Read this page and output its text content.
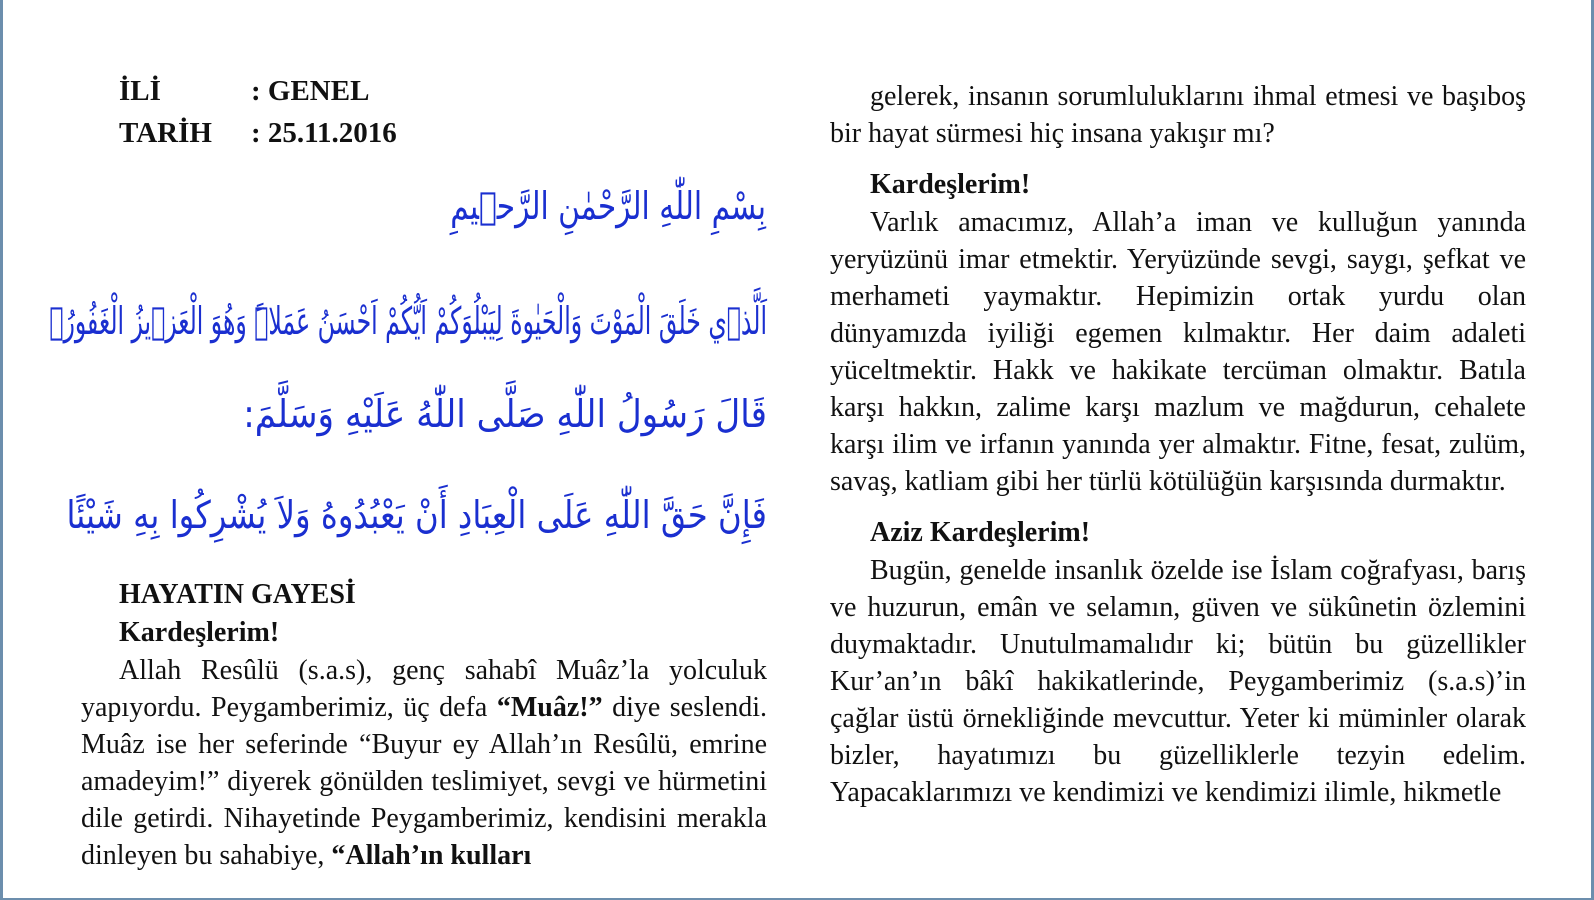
İLİ	: GENEL
TARİH	: 25.11.2016
بِسْمِ اللّٰهِ الرَّحْمٰنِ الرَّح۪يمِ
اَلَّذ۪ي خَلَقَ الْمَوْتَ وَالْحَيٰوةَ لِيَبْلُوَكُمْ اَيُّكُمْ اَحْسَنُ عَمَلاًۜ وَهُوَ الْعَز۪يزُ الْغَفُورُۙ
قَالَ رَسُولُ اللّٰهِ صَلَّى اللّٰهُ عَلَيْهِ وَسَلَّمَ:
فَإِنَّ حَقَّ اللّٰهِ عَلَى الْعِبَادِ أَنْ يَعْبُدُوهُ وَلاَ يُشْرِكُوا بِهِ شَيْئًا
HAYATIN GAYESİ
Kardeşlerim!

Allah Resûlü (s.a.s), genç sahabî Muâz’la yolculuk yapıyordu. Peygamberimiz, üç defa “Muâz!” diye seslendi. Muâz ise her seferinde “Buyur ey Allah’ın Resûlü, emrine amadeyim!” diyerek gönülden teslimiyet, sevgi ve hürmetini dile getirdi. Nihayetinde Peygamberimiz, kendisini merakla dinleyen bu sahabiye, “Allah’ın kulları

gelerek, insanın sorumluluklarını ihmal etmesi ve başıboş bir hayat sürmesi hiç insana yakışır mı?

Kardeşlerim!

Varlık amacımız, Allah’a iman ve kulluğun yanında yeryüzünü imar etmektir. Yeryüzünde sevgi, saygı, şefkat ve merhameti yaymaktır. Hepimizin ortak yurdu olan dünyamızda iyiliği egemen kılmaktır. Her daim adaleti yüceltmektir. Hakk ve hakikate tercüman olmaktır. Batıla karşı hakkın, zalime karşı mazlum ve mağdurun, cehalete karşı ilim ve irfanın yanında yer almaktır. Fitne, fesat, zulüm, savaş, katliam gibi her türlü kötülüğün karşısında durmaktır.

Aziz Kardeşlerim!

Bugün, genelde insanlık özelde ise İslam coğrafyası, barış ve huzurun, emân ve selamın, güven ve sükûnetin özlemini duymaktadır. Unutulmamalıdır ki; bütün bu güzellikler Kur’an’ın bâkî hakikatlerinde, Peygamberimiz (s.a.s)’in çağlar üstü örnekliğinde mevcuttur. Yeter ki müminler olarak bizler, hayatımızı bu güzelliklerle tezyin edelim. Yapacaklarımızı ve kendimizi ve kendimizi ilimle, hikmetle
